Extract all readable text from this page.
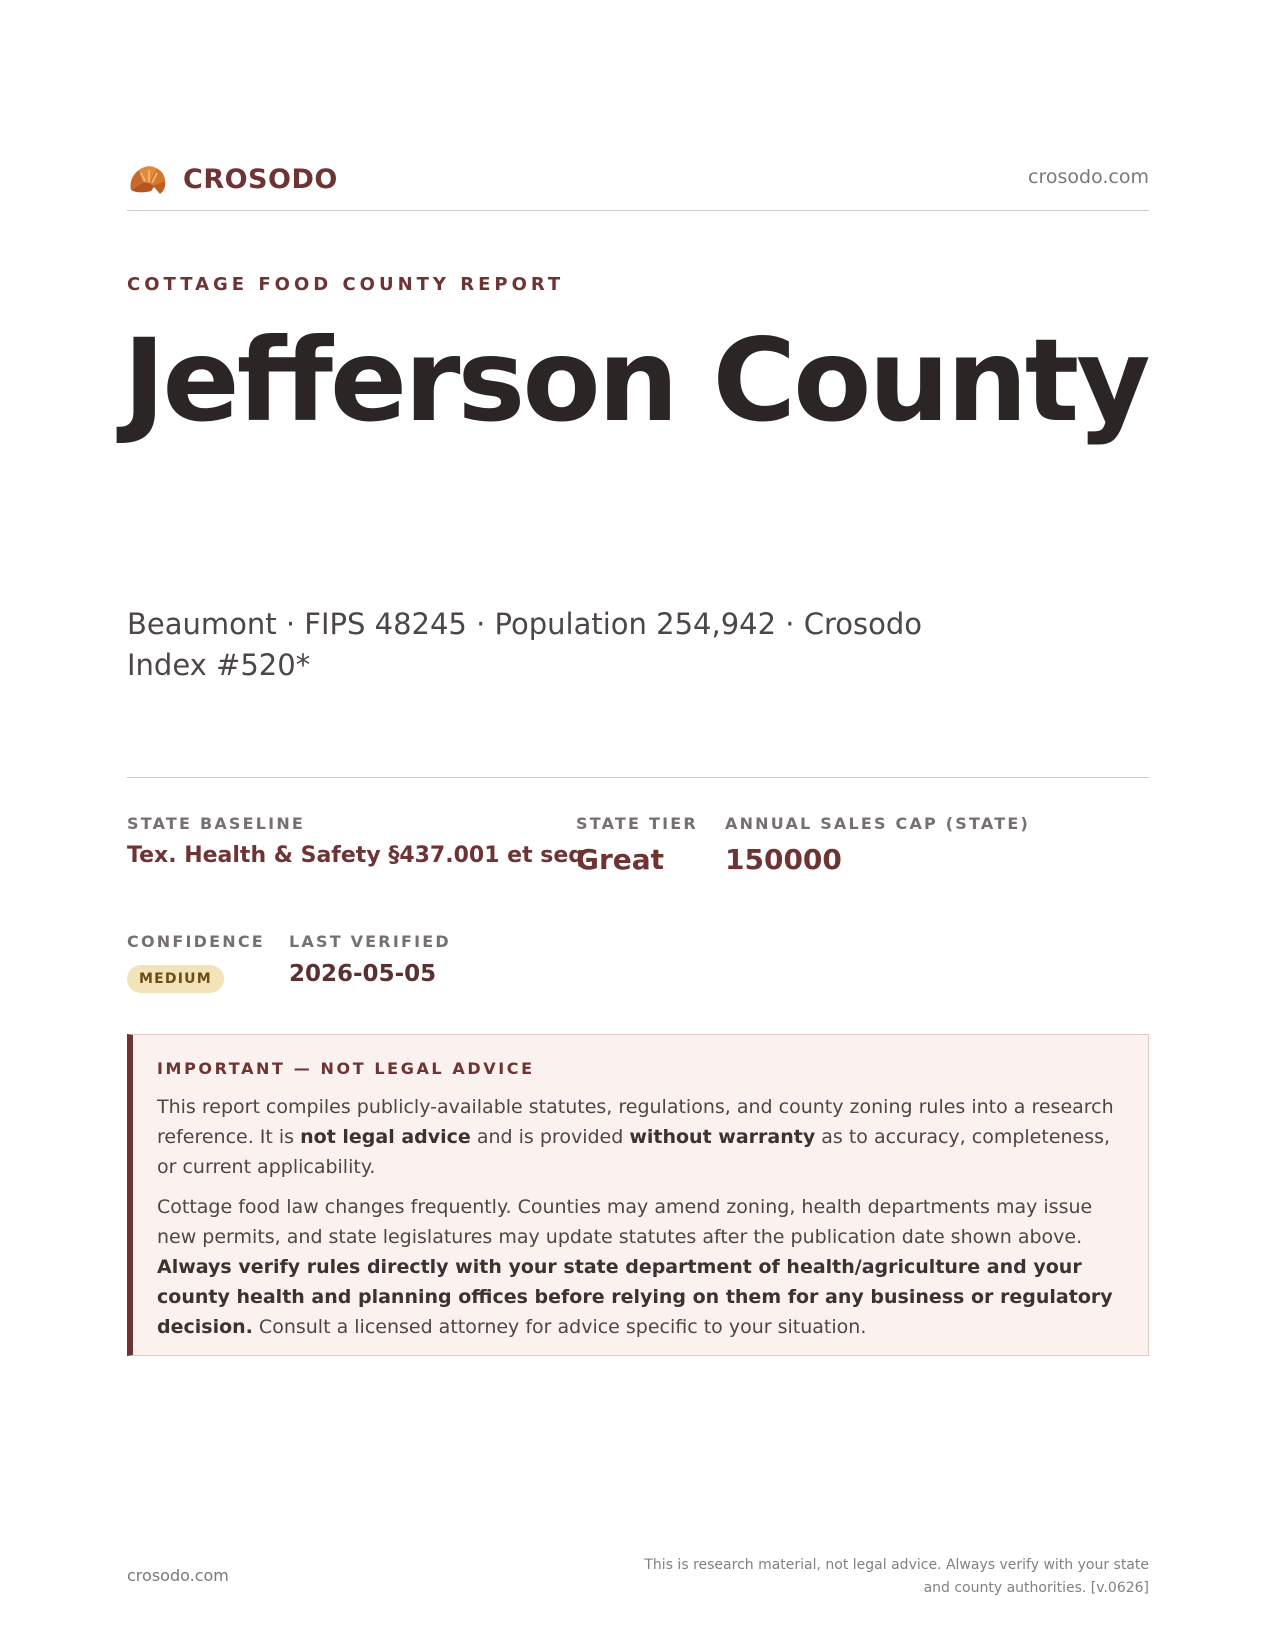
CROSODO	crosodo.com
COTTAGE FOOD COUNTY REPORT
Jefferson County
Beaumont · FIPS 48245 · Population 254,942 · Crosodo Index #520*
STATE BASELINE
Tex. Health & Safety §437.001 et seq.
STATE TIER
Great
ANNUAL SALES CAP (STATE)
150000
CONFIDENCE
MEDIUM
LAST VERIFIED
2026-05-05
IMPORTANT — NOT LEGAL ADVICE

This report compiles publicly-available statutes, regulations, and county zoning rules into a research reference. It is not legal advice and is provided without warranty as to accuracy, completeness, or current applicability.

Cottage food law changes frequently. Counties may amend zoning, health departments may issue new permits, and state legislatures may update statutes after the publication date shown above. Always verify rules directly with your state department of health/agriculture and your county health and planning offices before relying on them for any business or regulatory decision. Consult a licensed attorney for advice specific to your situation.

crosodo.com
This is research material, not legal advice. Always verify with your state and county authorities. [v.0626]
